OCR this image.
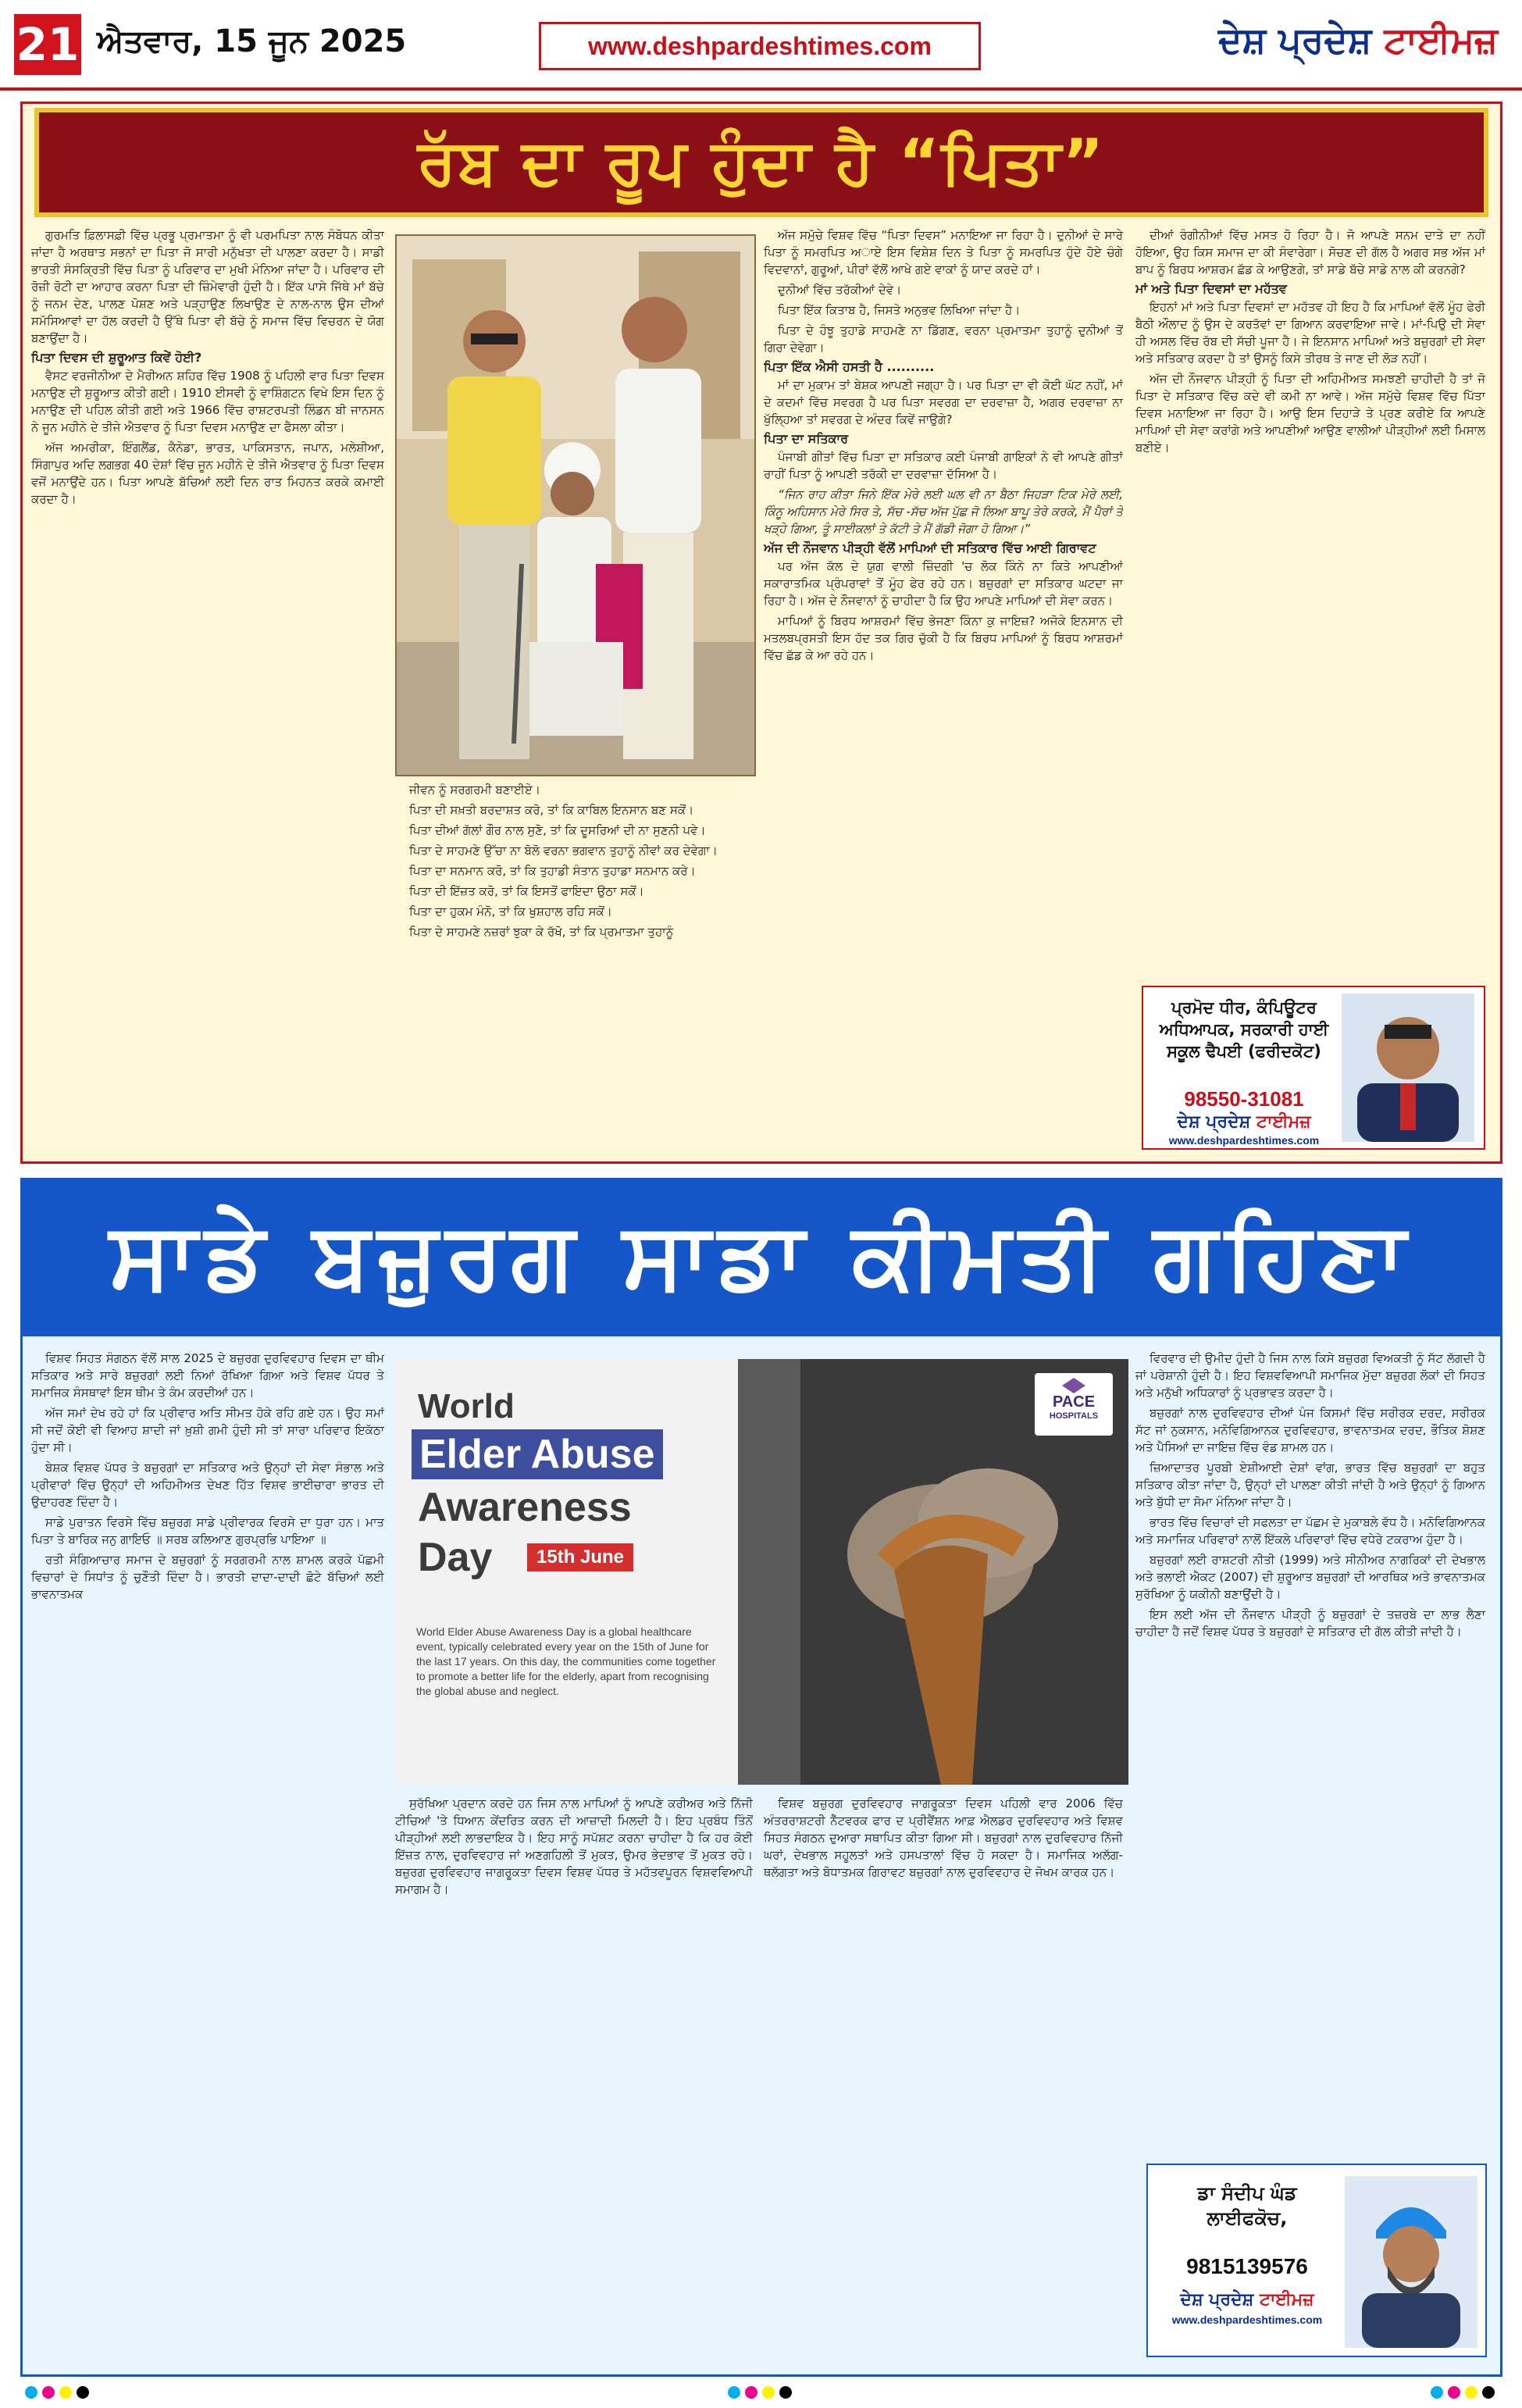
21 ਐਤਵਾਰ, 15 ਜੂਨ 2025	www.deshpardeshtimes.com	ਦੇਸ਼ ਪ੍ਰਦੇਸ਼ ਟਾਈਮਜ਼
ਰੱਬ ਦਾ ਰੂਪ ਹੁੰਦਾ ਹੈ “ਪਿਤਾ”

ਗੁਰਮਤਿ ਫ਼ਿਲਾਸਫ਼ੀ ਵਿੱਚ ਪ੍ਰਭੂ ਪ੍ਰਮਾਤਮਾ ਨੂੰ ਵੀ ਪਰਮਪਿਤਾ ਨਾਲ ਸੰਬੋਧਨ ਕੀਤਾ ਜਾਂਦਾ ਹੈ ਅਰਥਾਤ ਸਭਨਾਂ ਦਾ ਪਿਤਾ ਜੋ ਸਾਰੀ ਮਨੁੱਖਤਾ ਦੀ ਪਾਲਣਾ ਕਰਦਾ ਹੈ। ਸਾਡੀ ਭਾਰਤੀ ਸੰਸਕ੍ਰਿਤੀ ਵਿੱਚ ਪਿਤਾ ਨੂੰ ਪਰਿਵਾਰ ਦਾ ਮੁਖੀ ਮੰਨਿਆ ਜਾਂਦਾ ਹੈ। ਪਰਿਵਾਰ ਦੀ ਰੋਜ਼ੀ ਰੋਟੀ ਦਾ ਆਹਾਰ ਕਰਨਾ ਪਿਤਾ ਦੀ ਜ਼ਿੰਮੇਵਾਰੀ ਹੁੰਦੀ ਹੈ। ਇੱਕ ਪਾਸੇ ਜਿੱਥੇ ਮਾਂ ਬੱਚੇ ਨੂੰ ਜਨਮ ਦੇਣ, ਪਾਲਣ ਪੋਸ਼ਣ ਅਤੇ ਪੜ੍ਹਾਉਣ ਲਿਖਾਉਣ ਦੇ ਨਾਲ-ਨਾਲ ਉਸ ਦੀਆਂ ਸਮੱਸਿਆਵਾਂ ਦਾ ਹੱਲ ਕਰਦੀ ਹੈ ਉੱਥੇ ਪਿਤਾ ਵੀ ਬੱਚੇ ਨੂੰ ਸਮਾਜ ਵਿੱਚ ਵਿਚਰਨ ਦੇ ਯੋਗ ਬਣਾਉਂਦਾ ਹੈ।

ਪਿਤਾ ਦਿਵਸ ਦੀ ਸ਼ੁਰੂਆਤ ਕਿਵੇਂ ਹੋਈ?

ਵੈਸਟ ਵਰਜੀਨੀਆ ਦੇ ਮੈਰੀਅਨ ਸ਼ਹਿਰ ਵਿੱਚ 1908 ਨੂੰ ਪਹਿਲੀ ਵਾਰ ਪਿਤਾ ਦਿਵਸ ਮਨਾਉਣ ਦੀ ਸ਼ੁਰੂਆਤ ਕੀਤੀ ਗਈ। 1910 ਈਸਵੀ ਨੂੰ ਵਾਸ਼ਿੰਗਟਨ ਵਿਖੇ ਇਸ ਦਿਨ ਨੂੰ ਮਨਾਉਣ ਦੀ ਪਹਿਲ ਕੀਤੀ ਗਈ ਅਤੇ 1966 ਵਿੱਚ ਰਾਸ਼ਟਰਪਤੀ ਲਿੰਡਨ ਬੀ ਜਾਨਸਨ ਨੇ ਜੂਨ ਮਹੀਨੇ ਦੇ ਤੀਜੇ ਐਤਵਾਰ ਨੂੰ ਪਿਤਾ ਦਿਵਸ ਮਨਾਉਣ ਦਾ ਫੈਸਲਾ ਕੀਤਾ।

ਅੱਜ ਅਮਰੀਕਾ, ਇੰਗਲੈਂਡ, ਕੈਨੇਡਾ, ਭਾਰਤ, ਪਾਕਿਸਤਾਨ, ਜਪਾਨ, ਮਲੇਸ਼ੀਆ, ਸਿੰਗਾਪੁਰ ਅਦਿ ਲਗਭਗ 40 ਦੇਸ਼ਾਂ ਵਿੱਚ ਜੂਨ ਮਹੀਨੇ ਦੇ ਤੀਜੇ ਐਤਵਾਰ ਨੂੰ ਪਿਤਾ ਦਿਵਸ ਵਜੋਂ ਮਨਾਉਂਦੇ ਹਨ। ਪਿਤਾ ਆਪਣੇ ਬੱਚਿਆਂ ਲਈ ਦਿਨ ਰਾਤ ਮਿਹਨਤ ਕਰਕੇ ਕਮਾਈ ਕਰਦਾ ਹੈ।

ਜੀਵਨ ਨੂੰ ਸਰਗਰਮੀ ਬਣਾਈਏ।

ਪਿਤਾ ਦੀ ਸਖ਼ਤੀ ਬਰਦਾਸ਼ਤ ਕਰੋ, ਤਾਂ ਕਿ ਕਾਬਿਲ ਇਨਸਾਨ ਬਣ ਸਕੋਂ।

ਪਿਤਾ ਦੀਆਂ ਗੱਲਾਂ ਗੌਰ ਨਾਲ ਸੁਣੋ, ਤਾਂ ਕਿ ਦੂਸਰਿਆਂ ਦੀ ਨਾ ਸੁਣਨੀ ਪਵੇ।

ਪਿਤਾ ਦੇ ਸਾਹਮਣੇ ਉੱਚਾ ਨਾ ਬੋਲੋ ਵਰਨਾ ਭਗਵਾਨ ਤੁਹਾਨੂੰ ਨੀਵਾਂ ਕਰ ਦੇਵੇਗਾ।

ਪਿਤਾ ਦਾ ਸਨਮਾਨ ਕਰੋ, ਤਾਂ ਕਿ ਤੁਹਾਡੀ ਸੰਤਾਨ ਤੁਹਾਡਾ ਸਨਮਾਨ ਕਰੇ।

ਪਿਤਾ ਦੀ ਇੱਜ਼ਤ ਕਰੋ, ਤਾਂ ਕਿ ਇਸਤੋਂ ਫਾਇਦਾ ਉਠਾ ਸਕੋਂ।

ਪਿਤਾ ਦਾ ਹੁਕਮ ਮੰਨੋ, ਤਾਂ ਕਿ ਖੁਸ਼ਹਾਲ ਰਹਿ ਸਕੋਂ।

ਪਿਤਾ ਦੇ ਸਾਹਮਣੇ ਨਜ਼ਰਾਂ ਝੁਕਾ ਕੇ ਰੱਖੋ, ਤਾਂ ਕਿ ਪ੍ਰਮਾਤਮਾ ਤੁਹਾਨੂੰ

ਅੱਜ ਸਮੁੱਚੇ ਵਿਸ਼ਵ ਵਿੱਚ “ਪਿਤਾ ਦਿਵਸ” ਮਨਾਇਆ ਜਾ ਰਿਹਾ ਹੈ। ਦੁਨੀਆਂ ਦੇ ਸਾਰੇ ਪਿਤਾ ਨੂੰ ਸਮਰਪਿਤ ਅਾਏ ਇਸ ਵਿਸ਼ੇਸ਼ ਦਿਨ ਤੇ ਪਿਤਾ ਨੂੰ ਸਮਰਪਿਤ ਹੁੰਦੇ ਹੋਏ ਚੰਗੇ ਵਿਦਵਾਨਾਂ, ਗੁਰੂਆਂ, ਪੀਰਾਂ ਵੱਲੋਂ ਆਖੇ ਗਏ ਵਾਕਾਂ ਨੂੰ ਯਾਦ ਕਰਦੇ ਹਾਂ।

ਦੁਨੀਆਂ ਵਿੱਚ ਤਰੱਕੀਆਂ ਦੇਵੇ।

ਪਿਤਾ ਇੱਕ ਕਿਤਾਬ ਹੈ, ਜਿਸਤੇ ਅਨੁਭਵ ਲਿਖਿਆ ਜਾਂਦਾ ਹੈ।

ਪਿਤਾ ਦੇ ਹੰਝੂ ਤੁਹਾਡੇ ਸਾਹਮਣੇ ਨਾ ਡਿੱਗਣ, ਵਰਨਾ ਪ੍ਰਮਾਤਮਾ ਤੁਹਾਨੂੰ ਦੁਨੀਆਂ ਤੋਂ ਗਿਰਾ ਦੇਵੇਗਾ।

ਪਿਤਾ ਇੱਕ ਐਸੀ ਹਸਤੀ ਹੈ ..........

ਮਾਂ ਦਾ ਮੁਕਾਮ ਤਾਂ ਬੇਸ਼ਕ ਆਪਣੀ ਜਗ੍ਹਾ ਹੈ। ਪਰ ਪਿਤਾ ਦਾ ਵੀ ਕੋਈ ਘੱਟ ਨਹੀਂ, ਮਾਂ ਦੇ ਕਦਮਾਂ ਵਿੱਚ ਸਵਰਗ ਹੈ ਪਰ ਪਿਤਾ ਸਵਰਗ ਦਾ ਦਰਵਾਜ਼ਾ ਹੈ, ਅਗਰ ਦਰਵਾਜ਼ਾ ਨਾ ਖੁੱਲ੍ਹਿਆ ਤਾਂ ਸਵਰਗ ਦੇ ਅੰਦਰ ਕਿਵੇਂ ਜਾਉਗੇ?

ਪਿਤਾ ਦਾ ਸਤਿਕਾਰ

ਪੰਜਾਬੀ ਗੀਤਾਂ ਵਿੱਚ ਪਿਤਾ ਦਾ ਸਤਿਕਾਰ ਕਈ ਪੰਜਾਬੀ ਗਾਇਕਾਂ ਨੇ ਵੀ ਆਪਣੇ ਗੀਤਾਂ ਰਾਹੀਂ ਪਿਤਾ ਨੂੰ ਆਪਣੀ ਤਰੱਕੀ ਦਾ ਦਰਵਾਜ਼ਾ ਦੱਸਿਆ ਹੈ।

“ਜਿਨ ਰਾਹ ਕੀਤਾ ਜਿਨੇ ਇੱਕ ਮੇਰੇ ਲਈ ਘਲ ਵੀ ਨਾ ਬੈਠਾ ਜਿਹੜਾ ਟਿਕ ਮੇਰੇ ਲਈ, ਕਿੰਨੂ ਅਹਿਸਾਨ ਮੇਰੇ ਸਿਰ ਤੇ, ਸੱਚ -ਸੱਚ ਅੱਜ ਪੁੱਛ ਜੋ ਲਿਆ ਬਾਪੂ ਤੇਰੇ ਕਰਕੇ, ਮੈਂ ਪੈਰਾਂ ਤੇ ਖੜ੍ਹੇ ਗਿਆ, ਤੂੰ ਸਾਈਕਲਾਂ ਤੇ ਕੱਟੀ ਤੇ ਮੈਂ ਗੱਡੀ ਜੋਗਾ ਹੋ ਗਿਆ।”

ਅੱਜ ਦੀ ਨੌਜਵਾਨ ਪੀੜ੍ਹੀ ਵੱਲੋਂ ਮਾਪਿਆਂ ਦੀ ਸਤਿਕਾਰ ਵਿੱਚ ਆਈ ਗਿਰਾਵਟ

ਪਰ ਅੱਜ ਕੱਲ ਦੇ ਯੁਗ ਵਾਲੀ ਜ਼ਿੰਦਗੀ 'ਚ ਲੋਕ ਕਿੰਨੇ ਨਾ ਕਿਤੇ ਆਪਣੀਆਂ ਸਕਾਰਾਤਮਿਕ ਪ੍ਰੰਪਰਾਵਾਂ ਤੋਂ ਮੂੰਹ ਫੇਰ ਰਹੇ ਹਨ। ਬਜ਼ੁਰਗਾਂ ਦਾ ਸਤਿਕਾਰ ਘਟਦਾ ਜਾ ਰਿਹਾ ਹੈ। ਅੱਜ ਦੇ ਨੌਜਵਾਨਾਂ ਨੂੰ ਚਾਹੀਦਾ ਹੈ ਕਿ ਉਹ ਆਪਣੇ ਮਾਪਿਆਂ ਦੀ ਸੇਵਾ ਕਰਨ।

ਮਾਪਿਆਂ ਨੂੰ ਬਿਰਧ ਆਸ਼ਰਮਾਂ ਵਿੱਚ ਭੇਜਣਾ ਕਿੰਨਾ ਕੁ ਜਾਇਜ਼? ਅਜੋਕੇ ਇਨਸਾਨ ਦੀ ਮਤਲਬਪ੍ਰਸਤੀ ਇਸ ਹੱਦ ਤਕ ਗਿਰ ਚੁੱਕੀ ਹੈ ਕਿ ਬਿਰਧ ਮਾਪਿਆਂ ਨੂੰ ਬਿਰਧ ਆਸ਼ਰਮਾਂ ਵਿੱਚ ਛੱਡ ਕੇ ਆ ਰਹੇ ਹਨ।

ਦੀਆਂ ਰੰਗੀਨੀਆਂ ਵਿੱਚ ਮਸਤ ਹੋ ਰਿਹਾ ਹੈ। ਜੋ ਆਪਣੇ ਸਨਮ ਦਾਤੇ ਦਾ ਨਹੀਂ ਹੋਇਆ, ਉਹ ਕਿਸ ਸਮਾਜ ਦਾ ਕੀ ਸੰਵਾਰੇਗਾ। ਸੋਚਣ ਦੀ ਗੱਲ ਹੈ ਅਗਰ ਸਭ ਅੱਜ ਮਾਂ ਬਾਪ ਨੂੰ ਬਿਰਧ ਆਸ਼ਰਮ ਛੱਡ ਕੇ ਆਉਣਗੇ, ਤਾਂ ਸਾਡੇ ਬੱਚੇ ਸਾਡੇ ਨਾਲ ਕੀ ਕਰਨਗੇ?

ਮਾਂ ਅਤੇ ਪਿਤਾ ਦਿਵਸਾਂ ਦਾ ਮਹੱਤਵ

ਇਹਨਾਂ ਮਾਂ ਅਤੇ ਪਿਤਾ ਦਿਵਸਾਂ ਦਾ ਮਹੱਤਵ ਹੀ ਇਹ ਹੈ ਕਿ ਮਾਪਿਆਂ ਵੱਲੋਂ ਮੂੰਹ ਫੇਰੀ ਬੈਠੀ ਔਲਾਦ ਨੂੰ ਉਸ ਦੇ ਕਰਤੱਵਾਂ ਦਾ ਗਿਆਨ ਕਰਵਾਇਆ ਜਾਵੇ। ਮਾਂ-ਪਿਉ ਦੀ ਸੇਵਾ ਹੀ ਅਸਲ ਵਿੱਚ ਰੱਬ ਦੀ ਸੱਚੀ ਪੂਜਾ ਹੈ। ਜੇ ਇਨਸਾਨ ਮਾਪਿਆਂ ਅਤੇ ਬਜ਼ੁਰਗਾਂ ਦੀ ਸੇਵਾ ਅਤੇ ਸਤਿਕਾਰ ਕਰਦਾ ਹੈ ਤਾਂ ਉਸਨੂੰ ਕਿਸੇ ਤੀਰਥ ਤੇ ਜਾਣ ਦੀ ਲੋੜ ਨਹੀਂ।

ਅੱਜ ਦੀ ਨੌਜਵਾਨ ਪੀੜ੍ਹੀ ਨੂੰ ਪਿਤਾ ਦੀ ਅਹਿਮੀਅਤ ਸਮਝਣੀ ਚਾਹੀਦੀ ਹੈ ਤਾਂ ਜੋ ਪਿਤਾ ਦੇ ਸਤਿਕਾਰ ਵਿੱਚ ਕਦੇ ਵੀ ਕਮੀ ਨਾ ਆਵੇ। ਅੱਜ ਸਮੁੱਚੇ ਵਿਸ਼ਵ ਵਿੱਚ ਪਿੱਤਾ ਦਿਵਸ ਮਨਾਇਆ ਜਾ ਰਿਹਾ ਹੈ। ਆਉ ਇਸ ਦਿਹਾੜੇ ਤੇ ਪ੍ਰਣ ਕਰੀਏ ਕਿ ਆਪਣੇ ਮਾਪਿਆਂ ਦੀ ਸੇਵਾ ਕਰਾਂਗੇ ਅਤੇ ਆਪਣੀਆਂ ਆਉਣ ਵਾਲੀਆਂ ਪੀੜ੍ਹੀਆਂ ਲਈ ਮਿਸਾਲ ਬਣੀਏ।

ਪ੍ਰਮੋਦ ਧੀਰ, ਕੰਪਿਊਟਰ
ਅਧਿਆਪਕ, ਸਰਕਾਰੀ ਹਾਈ
ਸਕੂਲ ਢੈਪਈ (ਫਰੀਦਕੋਟ)
98550-31081
ਦੇਸ਼ ਪ੍ਰਦੇਸ਼ ਟਾਈਮਜ਼
www.deshpardeshtimes.com
ਸਾਡੇ ਬਜ਼ੁਰਗ ਸਾਡਾ ਕੀਮਤੀ ਗਹਿਣਾ

ਵਿਸ਼ਵ ਸਿਹਤ ਸੰਗਠਨ ਵੱਲੋਂ ਸਾਲ 2025 ਦੇ ਬਜ਼ੁਰਗ ਦੁਰਵਿਵਹਾਰ ਦਿਵਸ ਦਾ ਥੀਮ ਸਤਿਕਾਰ ਅਤੇ ਸਾਰੇ ਬਜ਼ੁਰਗਾਂ ਲਈ ਨਿਆਂ ਰੱਖਿਆ ਗਿਆ ਅਤੇ ਵਿਸ਼ਵ ਪੱਧਰ ਤੇ ਸਮਾਜਿਕ ਸੰਸਥਾਵਾਂ ਇਸ ਥੀਮ ਤੇ ਕੰਮ ਕਰਦੀਆਂ ਹਨ।

ਅੱਜ ਸਮਾਂ ਦੇਖ ਰਹੇ ਹਾਂ ਕਿ ਪ੍ਰੀਵਾਰ ਅਤਿ ਸੀਮਤ ਹੋਕੇ ਰਹਿ ਗਏ ਹਨ। ਉਹ ਸਮਾਂ ਸੀ ਜਦੋਂ ਕੋਈ ਵੀ ਵਿਆਹ ਸ਼ਾਦੀ ਜਾਂ ਖ਼ੁਸ਼ੀ ਗਮੀ ਹੁੰਦੀ ਸੀ ਤਾਂ ਸਾਰਾ ਪਰਿਵਾਰ ਇਕੱਠਾ ਹੁੰਦਾ ਸੀ।

ਬੇਸ਼ਕ ਵਿਸ਼ਵ ਪੱਧਰ ਤੇ ਬਜ਼ੁਰਗਾਂ ਦਾ ਸਤਿਕਾਰ ਅਤੇ ਉਨ੍ਹਾਂ ਦੀ ਸੇਵਾ ਸੰਭਾਲ ਅਤੇ ਪ੍ਰੀਵਾਰਾਂ ਵਿੱਚ ਉਨ੍ਹਾਂ ਦੀ ਅਹਿਮੀਅਤ ਦੇਖਣ ਹਿੱਤ ਵਿਸ਼ਵ ਭਾਈਚਾਰਾ ਭਾਰਤ ਦੀ ਉਦਾਹਰਣ ਦਿੰਦਾ ਹੈ।

ਸਾਡੇ ਪੁਰਾਤਨ ਵਿਰਸੇ ਵਿੱਚ ਬਜ਼ੁਰਗ ਸਾਡੇ ਪ੍ਰੀਵਾਰਕ ਵਿਰਸੇ ਦਾ ਧੁਰਾ ਹਨ। ਮਾਤ ਪਿਤਾ ਤੇ ਬਾਰਿਕ ਜਨੁ ਗਾਇਓ ॥ ਸਰਬ ਕਲਿਆਣ ਗੁਰਪ੍ਰਭਿ ਪਾਇਆ ॥

ਰਤੀ ਸੰਗਿਆਚਾਰ ਸਮਾਜ ਦੇ ਬਜ਼ੁਰਗਾਂ ਨੂੰ ਸਰਗਰਮੀ ਨਾਲ ਸ਼ਾਮਲ ਕਰਕੇ ਪੱਛਮੀ ਵਿਚਾਰਾਂ ਦੇ ਸਿਧਾਂਤ ਨੂੰ ਚੁਣੌਤੀ ਦਿੰਦਾ ਹੈ। ਭਾਰਤੀ ਦਾਦਾ-ਦਾਦੀ ਛੋਟੇ ਬੱਚਿਆਂ ਲਈ ਭਾਵਨਾਤਮਕ

World
Elder Abuse
Awareness
Day	15th June
World Elder Abuse Awareness Day is a global healthcare event, typically celebrated every year on the 15th of June for the last 17 years. On this day, the communities come together to promote a better life for the elderly, apart from recognising the global abuse and neglect.
PACE
HOSPITALS

ਸੁਰੱਖਿਆ ਪ੍ਰਦਾਨ ਕਰਦੇ ਹਨ ਜਿਸ ਨਾਲ ਮਾਪਿਆਂ ਨੂੰ ਆਪਣੇ ਕਰੀਅਰ ਅਤੇ ਨਿੱਜੀ ਟੀਚਿਆਂ 'ਤੇ ਧਿਆਨ ਕੇਂਦਰਿਤ ਕਰਨ ਦੀ ਆਜ਼ਾਦੀ ਮਿਲਦੀ ਹੈ। ਇਹ ਪ੍ਰਬੰਧ ਤਿੰਨੋਂ ਪੀੜ੍ਹੀਆਂ ਲਈ ਲਾਭਦਾਇਕ ਹੈ। ਇਹ ਸਾਨੂੰ ਸਪੱਸ਼ਟ ਕਰਨਾ ਚਾਹੀਦਾ ਹੈ ਕਿ ਹਰ ਕੋਈ ਇੱਜ਼ਤ ਨਾਲ, ਦੁਰਵਿਵਹਾਰ ਜਾਂ ਅਣਗਹਿਲੀ ਤੋਂ ਮੁਕਤ, ਉਮਰ ਭੇਦਭਾਵ ਤੋਂ ਮੁਕਤ ਰਹੇ। ਬਜ਼ੁਰਗ ਦੁਰਵਿਵਹਾਰ ਜਾਗਰੂਕਤਾ ਦਿਵਸ ਵਿਸ਼ਵ ਪੱਧਰ ਤੇ ਮਹੱਤਵਪੂਰਨ ਵਿਸ਼ਵਵਿਆਪੀ ਸਮਾਗਮ ਹੈ।

ਵਿਸ਼ਵ ਬਜ਼ੁਰਗ ਦੁਰਵਿਵਹਾਰ ਜਾਗਰੂਕਤਾ ਦਿਵਸ ਪਹਿਲੀ ਵਾਰ 2006 ਵਿੱਚ ਅੰਤਰਰਾਸ਼ਟਰੀ ਨੈੱਟਵਰਕ ਫਾਰ ਦ ਪ੍ਰੀਵੈਂਸ਼ਨ ਆਫ਼ ਐਲਡਰ ਦੁਰਵਿਵਹਾਰ ਅਤੇ ਵਿਸ਼ਵ ਸਿਹਤ ਸੰਗਠਨ ਦੁਆਰਾ ਸਥਾਪਿਤ ਕੀਤਾ ਗਿਆ ਸੀ। ਬਜ਼ੁਰਗਾਂ ਨਾਲ ਦੁਰਵਿਵਹਾਰ ਨਿੱਜੀ ਘਰਾਂ, ਦੇਖਭਾਲ ਸਹੂਲਤਾਂ ਅਤੇ ਹਸਪਤਾਲਾਂ ਵਿੱਚ ਹੋ ਸਕਦਾ ਹੈ। ਸਮਾਜਿਕ ਅਲੱਗ-ਥਲੱਗਤਾ ਅਤੇ ਬੋਧਾਤਮਕ ਗਿਰਾਵਟ ਬਜ਼ੁਰਗਾਂ ਨਾਲ ਦੁਰਵਿਵਹਾਰ ਦੇ ਜੋਖਮ ਕਾਰਕ ਹਨ।

ਵਿਰਵਾਰ ਦੀ ਉਮੀਦ ਹੁੰਦੀ ਹੈ ਜਿਸ ਨਾਲ ਕਿਸੇ ਬਜ਼ੁਰਗ ਵਿਅਕਤੀ ਨੂੰ ਸੱਟ ਲੱਗਦੀ ਹੈ ਜਾਂ ਪਰੇਸ਼ਾਨੀ ਹੁੰਦੀ ਹੈ। ਇਹ ਵਿਸ਼ਵਵਿਆਪੀ ਸਮਾਜਿਕ ਮੁੱਦਾ ਬਜ਼ੁਰਗ ਲੋਕਾਂ ਦੀ ਸਿਹਤ ਅਤੇ ਮਨੁੱਖੀ ਅਧਿਕਾਰਾਂ ਨੂੰ ਪ੍ਰਭਾਵਤ ਕਰਦਾ ਹੈ।

ਬਜ਼ੁਰਗਾਂ ਨਾਲ ਦੁਰਵਿਵਹਾਰ ਦੀਆਂ ਪੰਜ ਕਿਸਮਾਂ ਵਿੱਚ ਸਰੀਰਕ ਦਰਦ, ਸਰੀਰਕ ਸੱਟ ਜਾਂ ਨੁਕਸਾਨ, ਮਨੋਵਿਗਿਆਨਕ ਦੁਰਵਿਵਹਾਰ, ਭਾਵਨਾਤਮਕ ਦਰਦ, ਭੌਤਿਕ ਸ਼ੋਸ਼ਣ ਅਤੇ ਪੈਸਿਆਂ ਦਾ ਜਾਇਜ਼ ਵਿੱਚ ਵੰਡ ਸ਼ਾਮਲ ਹਨ।

ਜ਼ਿਆਦਾਤਰ ਪੂਰਬੀ ਏਸ਼ੀਆਈ ਦੇਸ਼ਾਂ ਵਾਂਗ, ਭਾਰਤ ਵਿੱਚ ਬਜ਼ੁਰਗਾਂ ਦਾ ਬਹੁਤ ਸਤਿਕਾਰ ਕੀਤਾ ਜਾਂਦਾ ਹੈ, ਉਨ੍ਹਾਂ ਦੀ ਪਾਲਣਾ ਕੀਤੀ ਜਾਂਦੀ ਹੈ ਅਤੇ ਉਨ੍ਹਾਂ ਨੂੰ ਗਿਆਨ ਅਤੇ ਬੁੱਧੀ ਦਾ ਸੋਮਾ ਮੰਨਿਆ ਜਾਂਦਾ ਹੈ।

ਭਾਰਤ ਵਿੱਚ ਵਿਚਾਰਾਂ ਦੀ ਸਫਲਤਾ ਦਾ ਪੱਛਮ ਦੇ ਮੁਕਾਬਲੇ ਵੱਧ ਹੈ। ਮਨੋਵਿਗਿਆਨਕ ਅਤੇ ਸਮਾਜਿਕ ਪਰਿਵਾਰਾਂ ਨਾਲੋਂ ਇੱਕਲੇ ਪਰਿਵਾਰਾਂ ਵਿੱਚ ਵਧੇਰੇ ਟਕਰਾਅ ਹੁੰਦਾ ਹੈ।

ਬਜ਼ੁਰਗਾਂ ਲਈ ਰਾਸ਼ਟਰੀ ਨੀਤੀ (1999) ਅਤੇ ਸੀਨੀਅਰ ਨਾਗਰਿਕਾਂ ਦੀ ਦੇਖਭਾਲ ਅਤੇ ਭਲਾਈ ਐਕਟ (2007) ਦੀ ਸ਼ੁਰੂਆਤ ਬਜ਼ੁਰਗਾਂ ਦੀ ਆਰਥਿਕ ਅਤੇ ਭਾਵਨਾਤਮਕ ਸੁਰੱਖਿਆ ਨੂੰ ਯਕੀਨੀ ਬਣਾਉਂਦੀ ਹੈ।

ਇਸ ਲਈ ਅੱਜ ਦੀ ਨੌਜਵਾਨ ਪੀੜ੍ਹੀ ਨੂੰ ਬਜ਼ੁਰਗਾਂ ਦੇ ਤਜ਼ਰਬੇ ਦਾ ਲਾਭ ਲੈਣਾ ਚਾਹੀਦਾ ਹੈ ਜਦੋਂ ਵਿਸ਼ਵ ਪੱਧਰ ਤੇ ਬਜ਼ੁਰਗਾਂ ਦੇ ਸਤਿਕਾਰ ਦੀ ਗੱਲ ਕੀਤੀ ਜਾਂਦੀ ਹੈ।

ਡਾ ਸੰਦੀਪ ਘੰਡ
ਲਾਈਫਕੋਚ,
9815139576
ਦੇਸ਼ ਪ੍ਰਦੇਸ਼ ਟਾਈਮਜ਼
www.deshpardeshtimes.com
